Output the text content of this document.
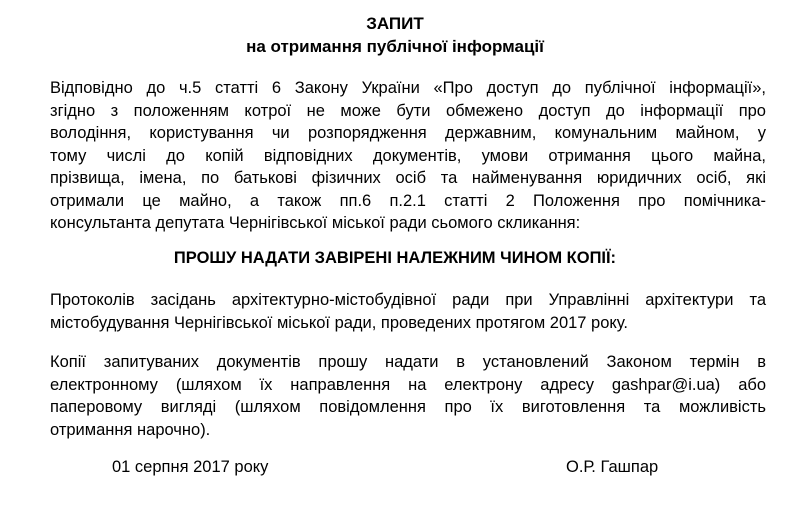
ЗАПИТ
на отримання публічної інформації
Відповідно до ч.5 статті 6 Закону України «Про доступ до публічної інформації»,
згідно з положенням котрої не може бути обмежено доступ до інформації про
володіння, користування чи розпорядження державним, комунальним майном, у
тому числі до копій відповідних документів, умови отримання цього майна,
прізвища, імена, по батькові фізичних осіб та найменування юридичних осіб, які
отримали це майно, а також пп.6 п.2.1 статті 2 Положення про помічника-
консультанта депутата Чернігівської міської ради сьомого скликання:
ПРОШУ НАДАТИ ЗАВІРЕНІ НАЛЕЖНИМ ЧИНОМ КОПІЇ:
Протоколів засідань архітектурно-містобудівної ради при Управлінні архітектури та
містобудування Чернігівської міської ради, проведених протягом 2017 року.
Копії запитуваних документів прошу надати в установлений Законом термін в
електронному (шляхом їх направлення на електрону адресу gashpar@i.ua) або
паперовому вигляді (шляхом повідомлення про їх виготовлення та можливість
отримання нарочно).
01 серпня 2017 року	О.Р. Гашпар
